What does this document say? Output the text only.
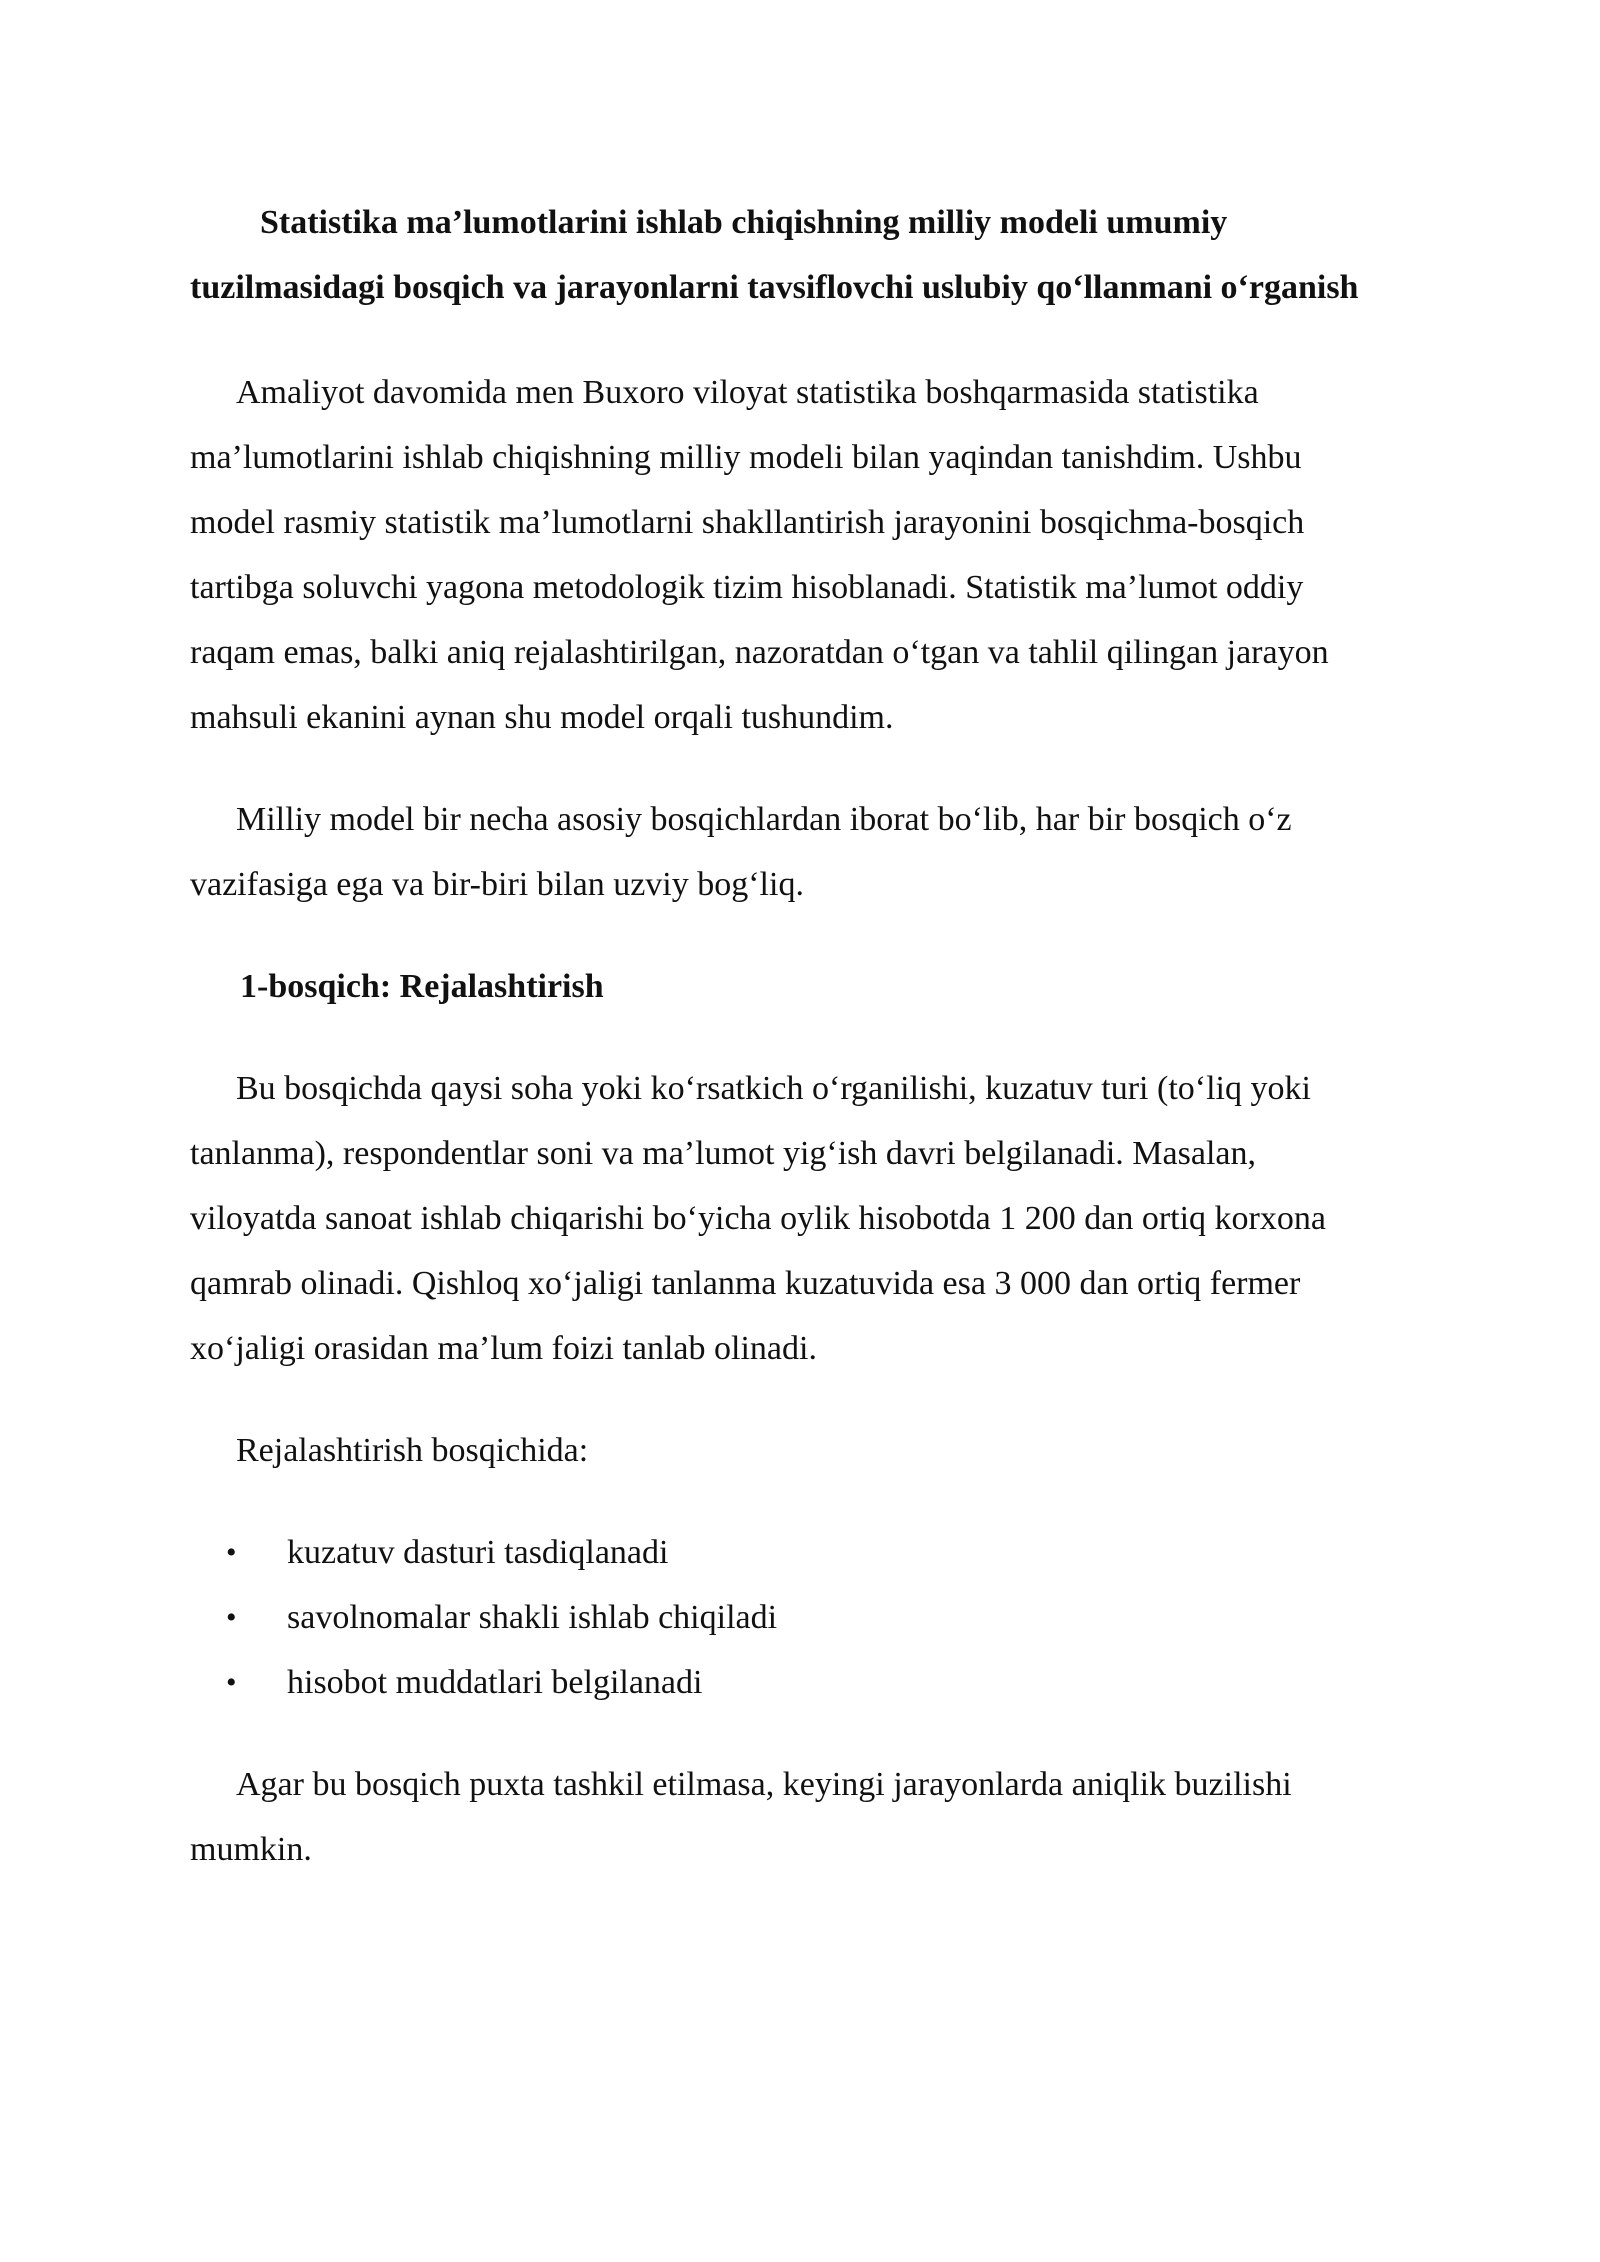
Statistika ma’lumotlarini ishlab chiqishning milliy modeli umumiy tuzilmasidagi bosqich va jarayonlarni tavsiflovchi uslubiy qo‘llanmani o‘rganish

Amaliyot davomida men Buxoro viloyat statistika boshqarmasida statistika ma’lumotlarini ishlab chiqishning milliy modeli bilan yaqindan tanishdim. Ushbu model rasmiy statistik ma’lumotlarni shakllantirish jarayonini bosqichma-bosqich tartibga soluvchi yagona metodologik tizim hisoblanadi. Statistik ma’lumot oddiy raqam emas, balki aniq rejalashtirilgan, nazoratdan o‘tgan va tahlil qilingan jarayon mahsuli ekanini aynan shu model orqali tushundim.

Milliy model bir necha asosiy bosqichlardan iborat bo‘lib, har bir bosqich o‘z vazifasiga ega va bir-biri bilan uzviy bog‘liq.

1-bosqich: Rejalashtirish

Bu bosqichda qaysi soha yoki ko‘rsatkich o‘rganilishi, kuzatuv turi (to‘liq yoki tanlanma), respondentlar soni va ma’lumot yig‘ish davri belgilanadi. Masalan, viloyatda sanoat ishlab chiqarishi bo‘yicha oylik hisobotda 1 200 dan ortiq korxona qamrab olinadi. Qishloq xo‘jaligi tanlanma kuzatuvida esa 3 000 dan ortiq fermer xo‘jaligi orasidan ma’lum foizi tanlab olinadi.

Rejalashtirish bosqichida:

• kuzatuv dasturi tasdiqlanadi
• savolnomalar shakli ishlab chiqiladi
• hisobot muddatlari belgilanadi

Agar bu bosqich puxta tashkil etilmasa, keyingi jarayonlarda aniqlik buzilishi mumkin.
